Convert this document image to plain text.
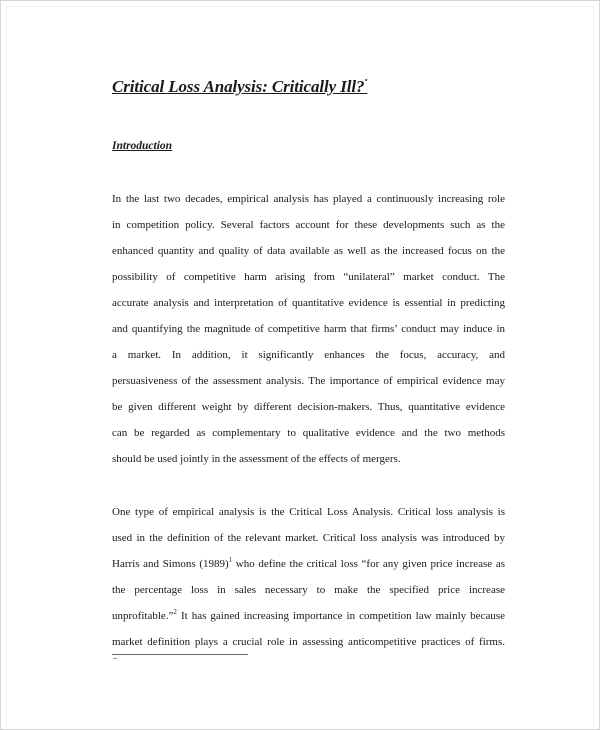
Critical Loss Analysis: Critically Ill?*
Introduction
In the last two decades, empirical analysis has played a continuously increasing role
in competition policy. Several factors account for these developments such as the
enhanced quantity and quality of data available as well as the increased focus on the
possibility of competitive harm arising from “unilateral” market conduct. The
accurate analysis and interpretation of quantitative evidence is essential in predicting
and quantifying the magnitude of competitive harm that firms’ conduct may induce in
a market. In addition, it significantly enhances the focus, accuracy, and
persuasiveness of the assessment analysis. The importance of empirical evidence may
be given different weight by different decision-makers. Thus, quantitative evidence
can be regarded as complementary to qualitative evidence and the two methods
should be used jointly in the assessment of the effects of mergers.
One type of empirical analysis is the Critical Loss Analysis. Critical loss analysis is
used in the definition of the relevant market. Critical loss analysis was introduced by
Harris and Simons $(1989)^1$ who define the critical loss “for any given price increase as
the percentage loss in sales necessary to make the specified price increase
unprofitable.”$^2$ It has gained increasing importance in competition law mainly because
market definition plays a crucial role in assessing anticompetitive practices of firms.
